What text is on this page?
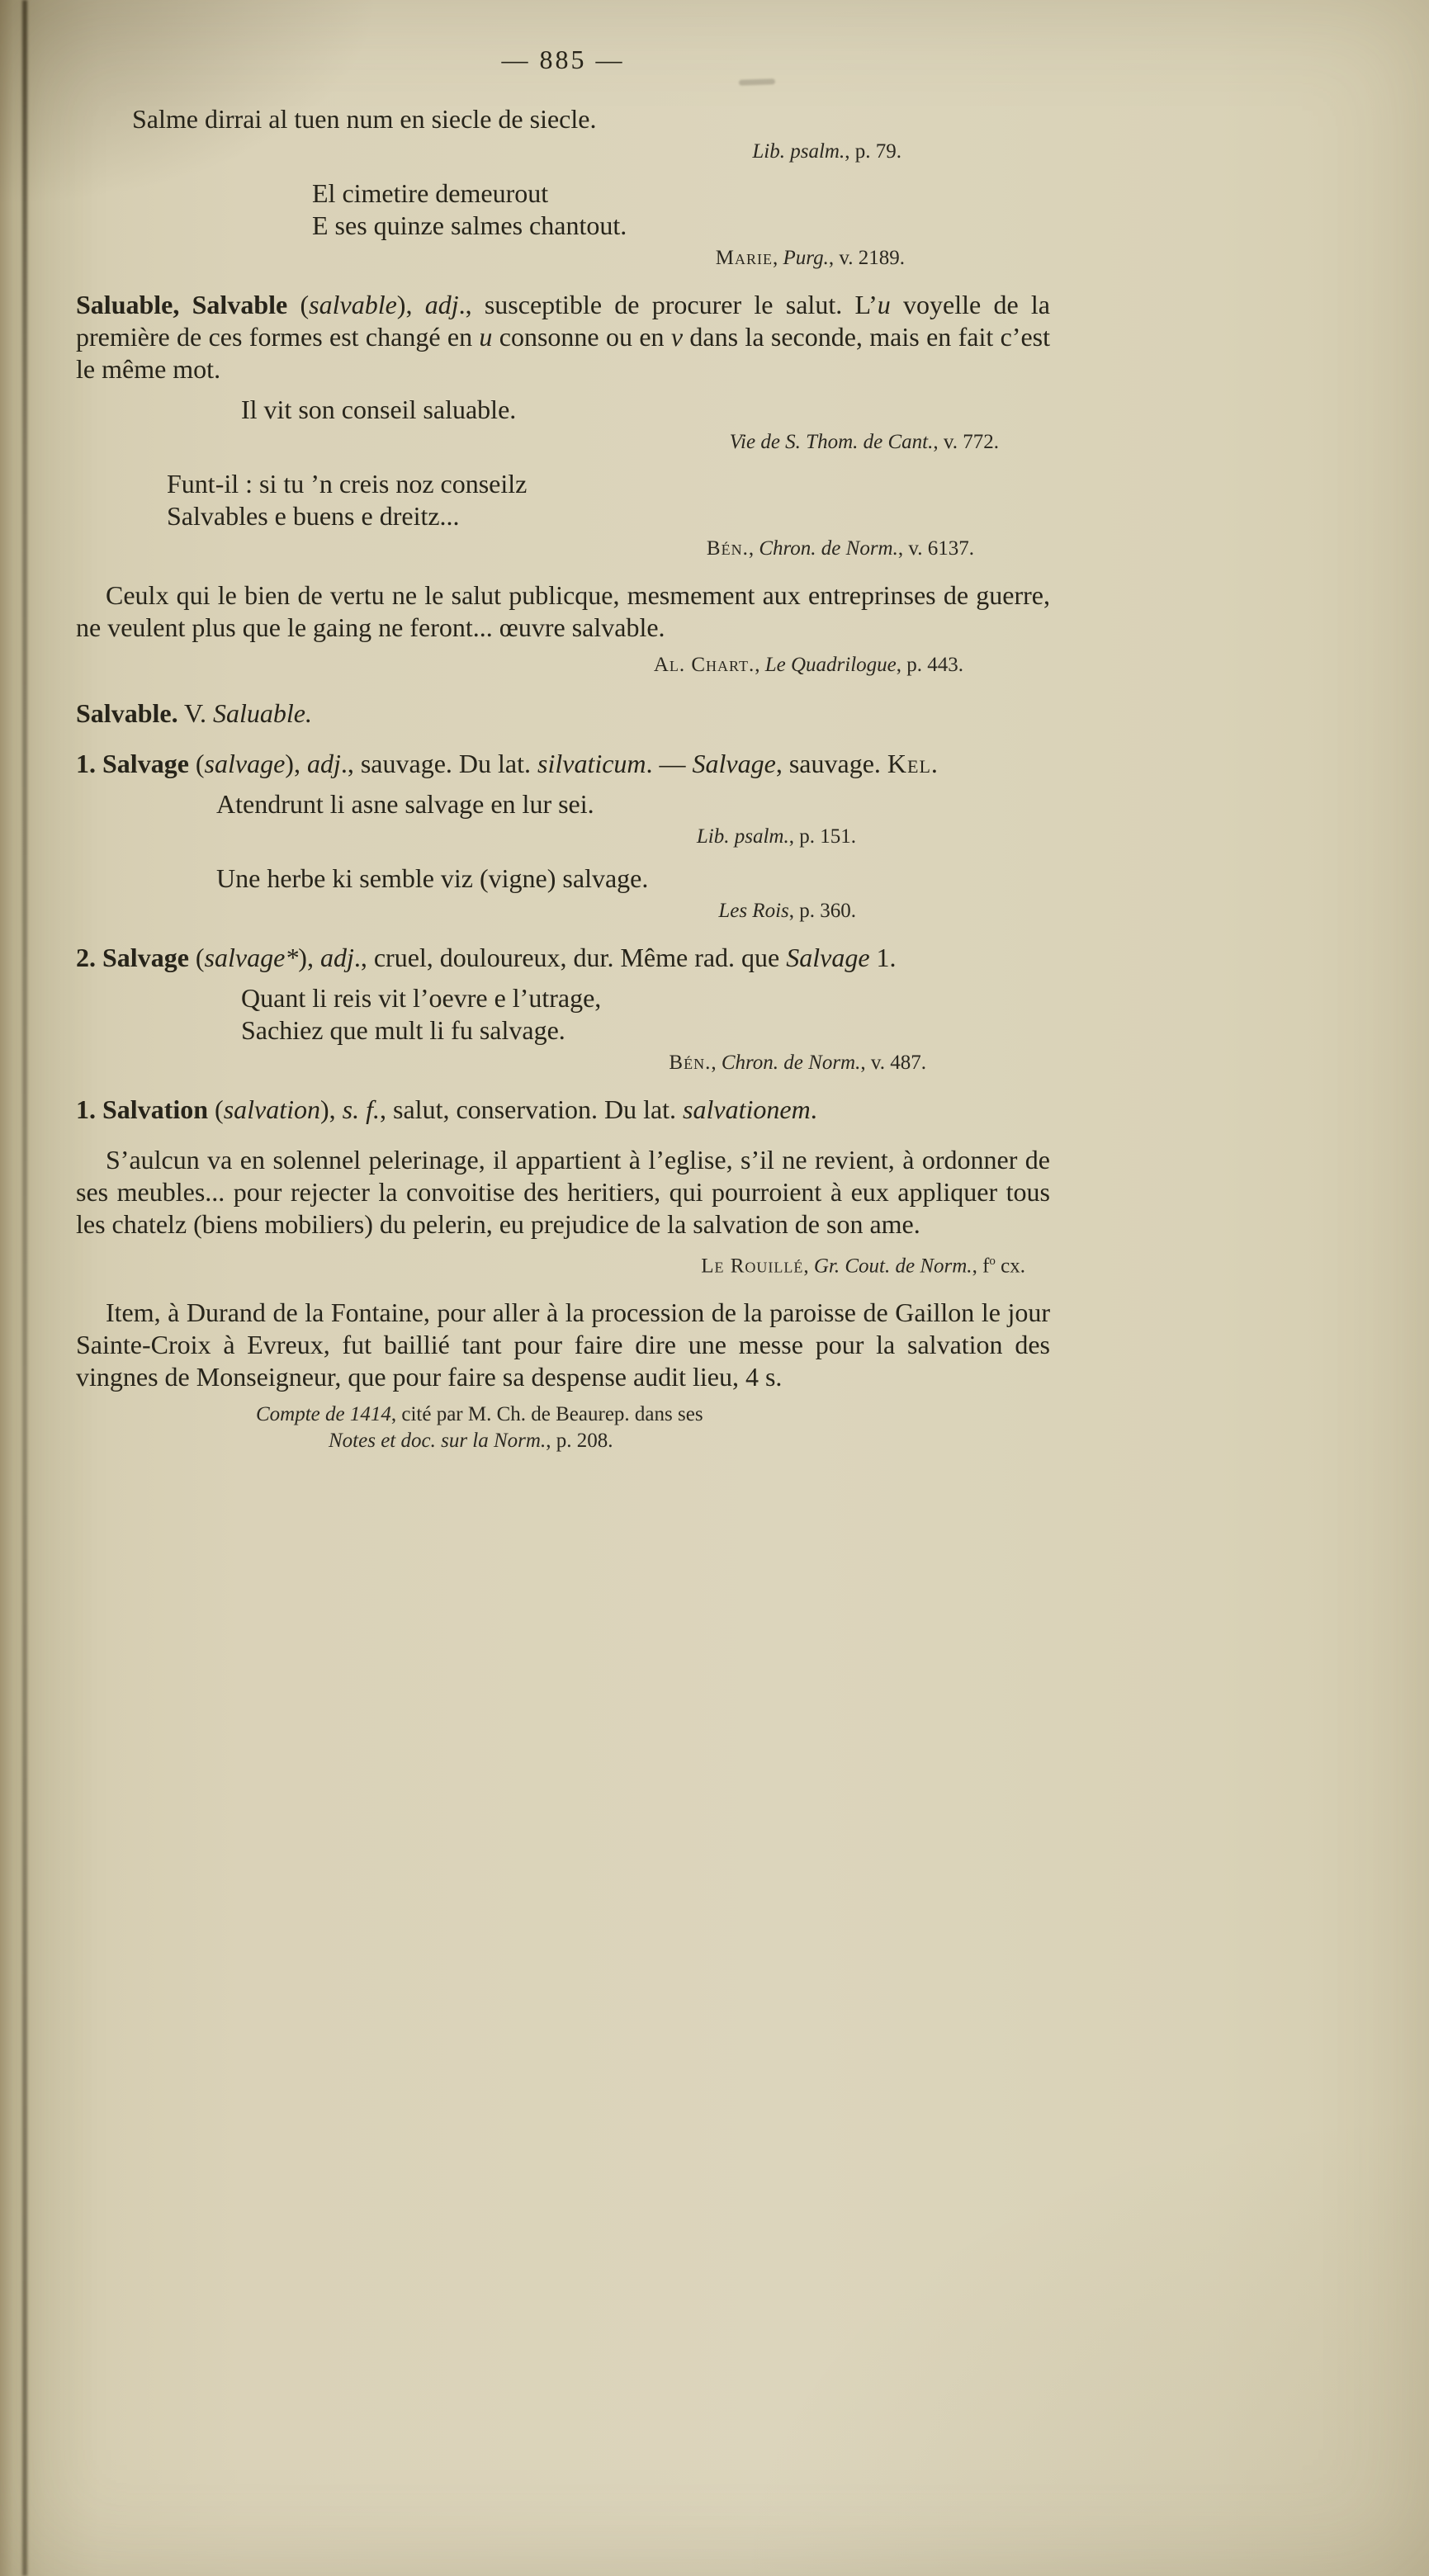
— 885 —
Salme dirrai al tuen num en siecle de siecle.
Lib. psalm., p. 79.
El cimetire demeurout
E ses quinze salmes chantout.
Marie, Purg., v. 2189.

Saluable, Salvable (salvable), adj., susceptible de procurer le salut. L’u voyelle de la première de ces formes est changé en u consonne ou en v dans la seconde, mais en fait c’est le même mot.

Il vit son conseil saluable.
Vie de S. Thom. de Cant., v. 772.
Funt-il : si tu ’n creis noz conseilz
Salvables e buens e dreitz...
Bén., Chron. de Norm., v. 6137.

Ceulx qui le bien de vertu ne le salut publicque, mesmement aux entreprinses de guerre, ne veulent plus que le gaing ne feront... œuvre salvable.

Al. Chart., Le Quadrilogue, p. 443.
Salvable. V. Saluable.

1. Salvage (salvage), adj., sauvage. Du lat. silvaticum. — Salvage, sauvage. Kel.

Atendrunt li asne salvage en lur sei.
Lib. psalm., p. 151.
Une herbe ki semble viz (vigne) salvage.
Les Rois, p. 360.

2. Salvage (salvage*), adj., cruel, douloureux, dur. Même rad. que Salvage 1.

Quant li reis vit l’oevre e l’utrage,
Sachiez que mult li fu salvage.
Bén., Chron. de Norm., v. 487.

1. Salvation (salvation), s. f., salut, conservation. Du lat. salvationem.

S’aulcun va en solennel pelerinage, il appartient à l’eglise, s’il ne revient, à ordonner de ses meubles... pour rejecter la convoitise des heritiers, qui pourroient à eux appliquer tous les chatelz (biens mobiliers) du pelerin, eu prejudice de la salvation de son ame.

Le Rouillé, Gr. Cout. de Norm., $f^o$ cx.

Item, à Durand de la Fontaine, pour aller à la procession de la paroisse de Gaillon le jour Sainte-Croix à Evreux, fut baillié tant pour faire dire une messe pour la salvation des vingnes de Monseigneur, que pour faire sa despense audit lieu, 4 s.

Compte de 1414, cité par M. Ch. de Beaurep. dans ses
Notes et doc. sur la Norm., p. 208.
